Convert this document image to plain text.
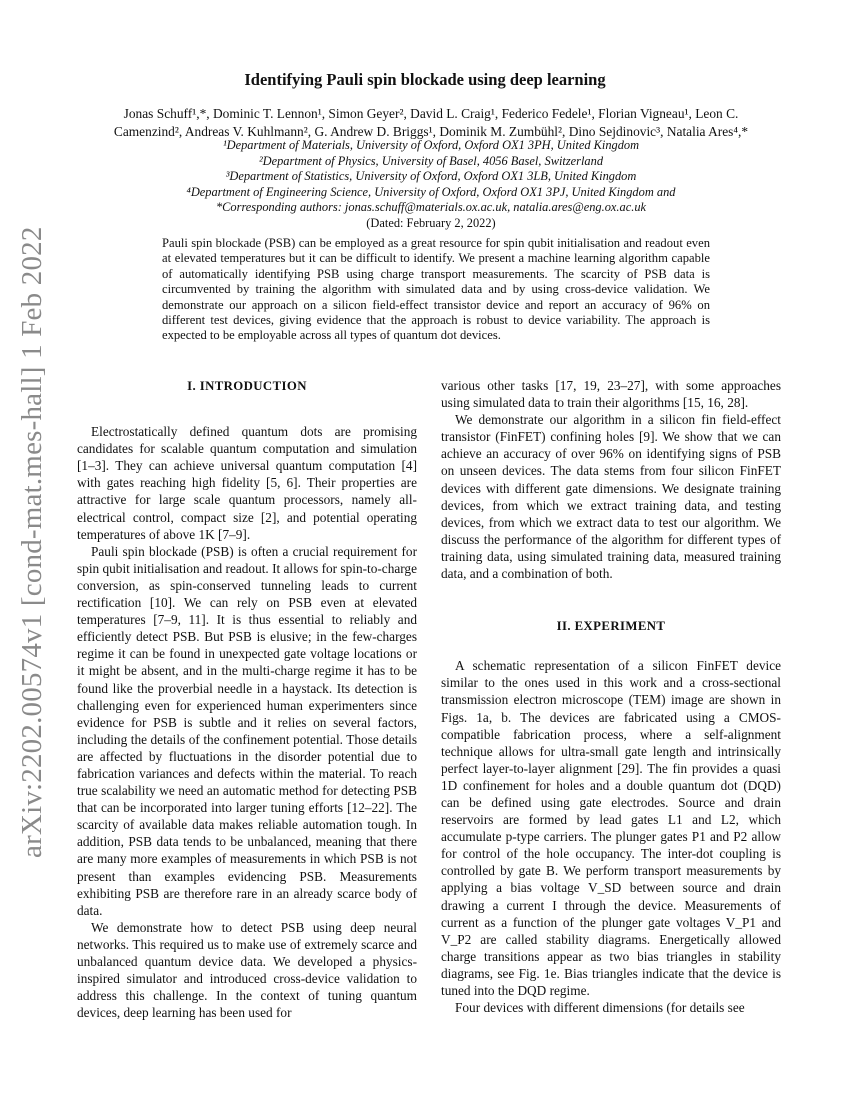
arXiv:2202.00574v1 [cond-mat.mes-hall] 1 Feb 2022
Identifying Pauli spin blockade using deep learning
Jonas Schuff¹,*, Dominic T. Lennon¹, Simon Geyer², David L. Craig¹, Federico Fedele¹, Florian Vigneau¹, Leon C.
Camenzind², Andreas V. Kuhlmann², G. Andrew D. Briggs¹, Dominik M. Zumbühl², Dino Sejdinovic³, Natalia Ares⁴,*
¹Department of Materials, University of Oxford, Oxford OX1 3PH, United Kingdom
²Department of Physics, University of Basel, 4056 Basel, Switzerland
³Department of Statistics, University of Oxford, Oxford OX1 3LB, United Kingdom
⁴Department of Engineering Science, University of Oxford, Oxford OX1 3PJ, United Kingdom and
*Corresponding authors: jonas.schuff@materials.ox.ac.uk, natalia.ares@eng.ox.ac.uk
(Dated: February 2, 2022)
Pauli spin blockade (PSB) can be employed as a great resource for spin qubit initialisation and readout even at elevated temperatures but it can be difficult to identify. We present a machine learning algorithm capable of automatically identifying PSB using charge transport measurements. The scarcity of PSB data is circumvented by training the algorithm with simulated data and by using cross-device validation. We demonstrate our approach on a silicon field-effect transistor device and report an accuracy of 96% on different test devices, giving evidence that the approach is robust to device variability. The approach is expected to be employable across all types of quantum dot devices.
I. INTRODUCTION

Electrostatically defined quantum dots are promising candidates for scalable quantum computation and simulation [1–3]. They can achieve universal quantum computation [4] with gates reaching high fidelity [5, 6]. Their properties are attractive for large scale quantum processors, namely all-electrical control, compact size [2], and potential operating temperatures of above 1K [7–9].

Pauli spin blockade (PSB) is often a crucial requirement for spin qubit initialisation and readout. It allows for spin-to-charge conversion, as spin-conserved tunneling leads to current rectification [10]. We can rely on PSB even at elevated temperatures [7–9, 11]. It is thus essential to reliably and efficiently detect PSB. But PSB is elusive; in the few-charges regime it can be found in unexpected gate voltage locations or it might be absent, and in the multi-charge regime it has to be found like the proverbial needle in a haystack. Its detection is challenging even for experienced human experimenters since evidence for PSB is subtle and it relies on several factors, including the details of the confinement potential. Those details are affected by fluctuations in the disorder potential due to fabrication variances and defects within the material. To reach true scalability we need an automatic method for detecting PSB that can be incorporated into larger tuning efforts [12–22]. The scarcity of available data makes reliable automation tough. In addition, PSB data tends to be unbalanced, meaning that there are many more examples of measurements in which PSB is not present than examples evidencing PSB. Measurements exhibiting PSB are therefore rare in an already scarce body of data.

We demonstrate how to detect PSB using deep neural networks. This required us to make use of extremely scarce and unbalanced quantum device data. We developed a physics-inspired simulator and introduced cross-device validation to address this challenge. In the context of tuning quantum devices, deep learning has been used for

various other tasks [17, 19, 23–27], with some approaches using simulated data to train their algorithms [15, 16, 28].

We demonstrate our algorithm in a silicon fin field-effect transistor (FinFET) confining holes [9]. We show that we can achieve an accuracy of over 96% on identifying signs of PSB on unseen devices. The data stems from four silicon FinFET devices with different gate dimensions. We designate training devices, from which we extract training data, and testing devices, from which we extract data to test our algorithm. We discuss the performance of the algorithm for different types of training data, using simulated training data, measured training data, and a combination of both.

II. EXPERIMENT

A schematic representation of a silicon FinFET device similar to the ones used in this work and a cross-sectional transmission electron microscope (TEM) image are shown in Figs. 1a, b. The devices are fabricated using a CMOS-compatible fabrication process, where a self-alignment technique allows for ultra-small gate length and intrinsically perfect layer-to-layer alignment [29]. The fin provides a quasi 1D confinement for holes and a double quantum dot (DQD) can be defined using gate electrodes. Source and drain reservoirs are formed by lead gates L1 and L2, which accumulate p-type carriers. The plunger gates P1 and P2 allow for control of the hole occupancy. The inter-dot coupling is controlled by gate B. We perform transport measurements by applying a bias voltage V_SD between source and drain drawing a current I through the device. Measurements of current as a function of the plunger gate voltages V_P1 and V_P2 are called stability diagrams. Energetically allowed charge transitions appear as two bias triangles in stability diagrams, see Fig. 1e. Bias triangles indicate that the device is tuned into the DQD regime.

Four devices with different dimensions (for details see
